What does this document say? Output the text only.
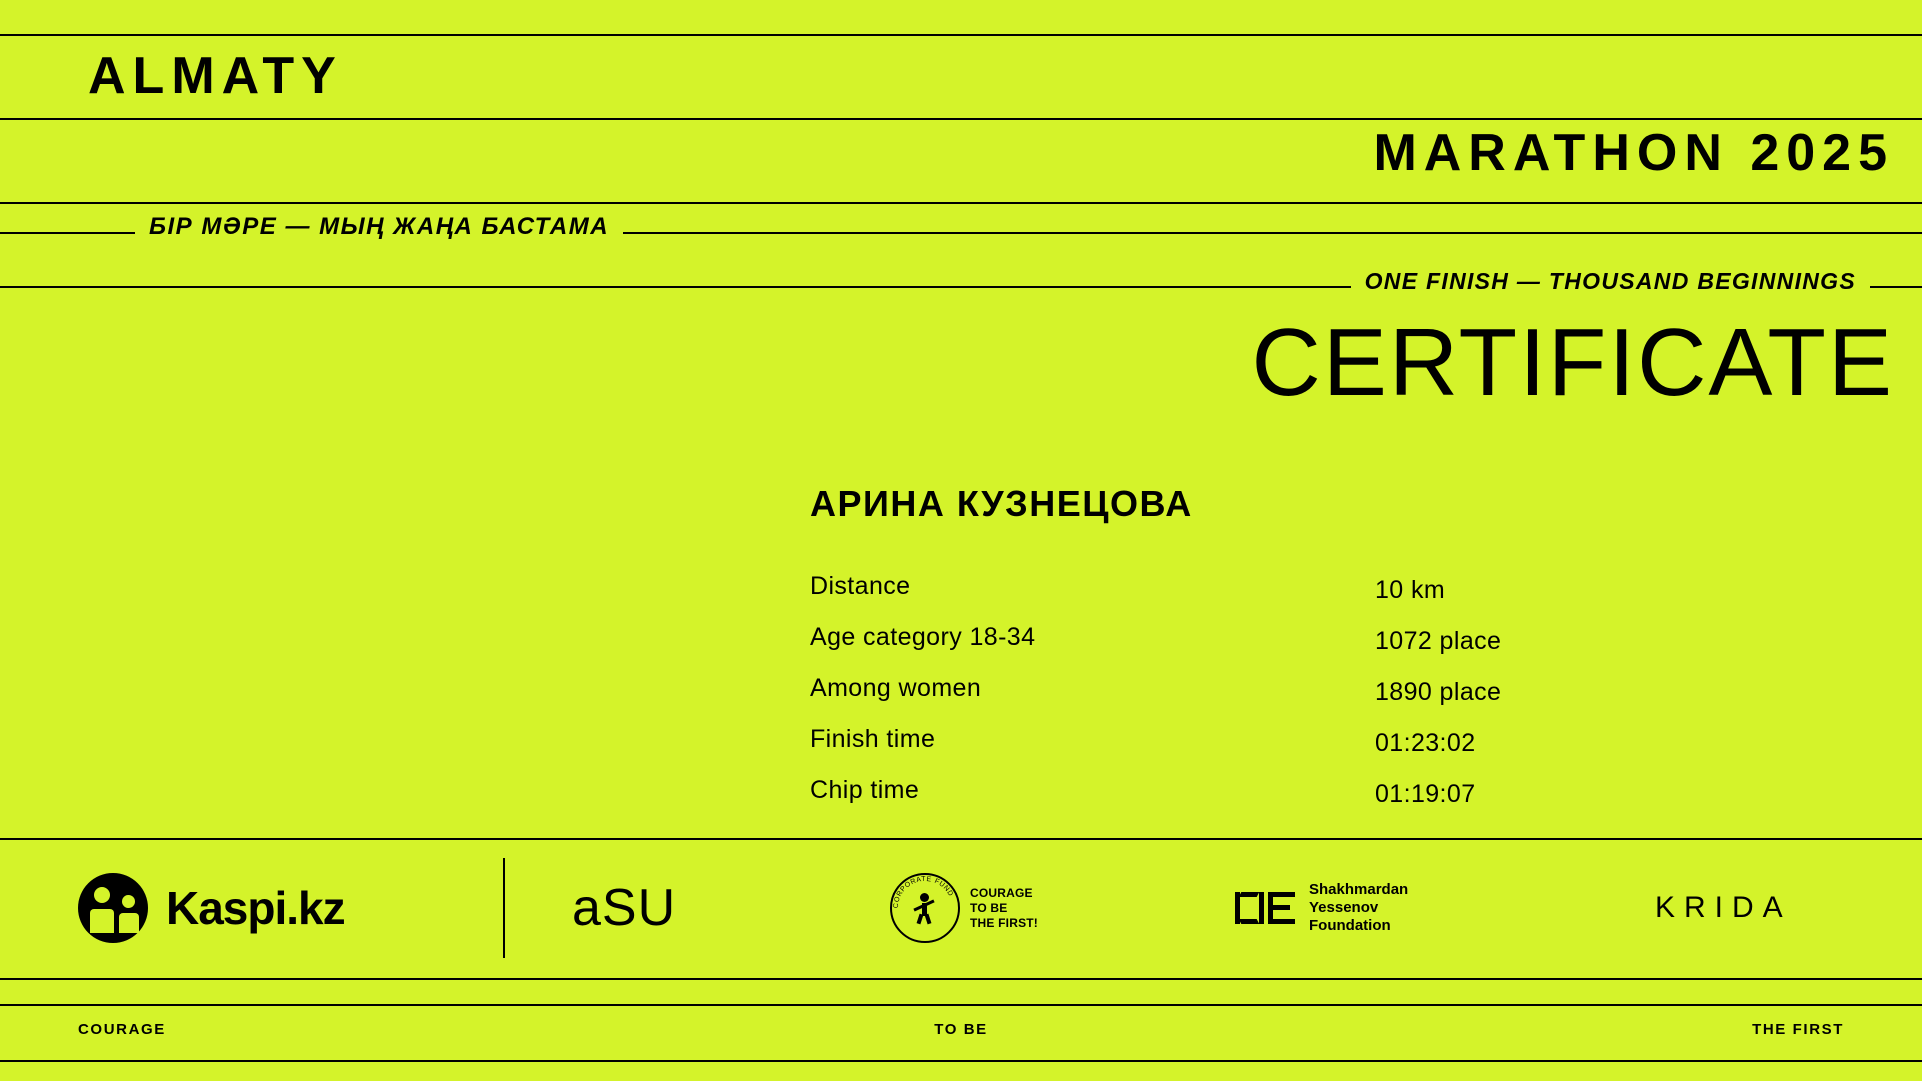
ALMATY
MARATHON 2025
БІР МӘРЕ — МЫҢ ЖАҢА БАСТАМА
ONE FINISH — THOUSAND BEGINNINGS
CERTIFICATE
АРИНА КУЗНЕЦОВА
Distance	10 km
Age category 18-34	1072 place
Among women	1890 place
Finish time	01:23:02
Chip time	01:19:07
Kaspi.kz	aSU	CORPORATE FUND COURAGE
TO BE
THE FIRST!
Shakhmardan
Yessenov
Foundation
KRIDA
COURAGE	TO BE	THE FIRST
